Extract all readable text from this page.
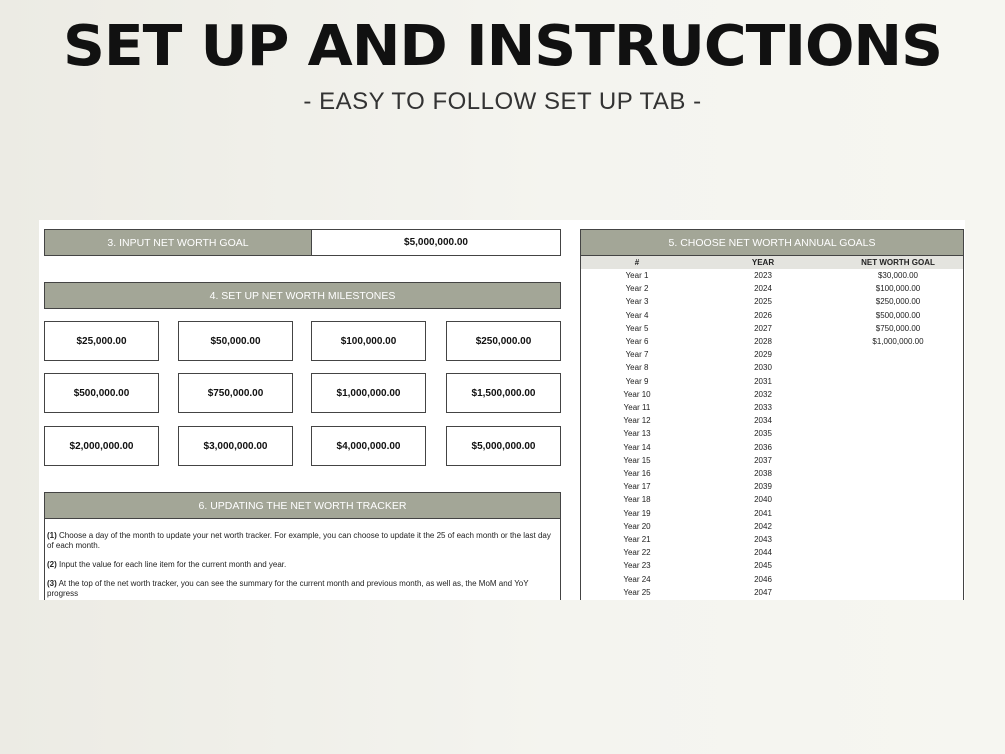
SET UP AND INSTRUCTIONS
- EASY TO FOLLOW SET UP TAB -
3. INPUT NET WORTH GOAL	$5,000,000.00
4. SET UP NET WORTH MILESTONES
$25,000.00	$50,000.00	$100,000.00	$250,000.00
$500,000.00	$750,000.00	$1,000,000.00	$1,500,000.00
$2,000,000.00	$3,000,000.00	$4,000,000.00	$5,000,000.00
6. UPDATING THE NET WORTH TRACKER

(1) Choose a day of the month to update your net worth tracker. For example, you can choose to update it the 25 of each month or the last day of each month.

(2) Input the value for each line item for the current month and year.

(3) At the top of the net worth tracker, you can see the summary for the current month and previous month, as well as, the MoM and YoY progress

5. CHOOSE NET WORTH ANNUAL GOALS
#	YEAR	NET WORTH GOAL
Year 1	2023	$30,000.00
Year 2	2024	$100,000.00
Year 3	2025	$250,000.00
Year 4	2026	$500,000.00
Year 5	2027	$750,000.00
Year 6	2028	$1,000,000.00
Year 7	2029
Year 8	2030
Year 9	2031
Year 10	2032
Year 11	2033
Year 12	2034
Year 13	2035
Year 14	2036
Year 15	2037
Year 16	2038
Year 17	2039
Year 18	2040
Year 19	2041
Year 20	2042
Year 21	2043
Year 22	2044
Year 23	2045
Year 24	2046
Year 25	2047
